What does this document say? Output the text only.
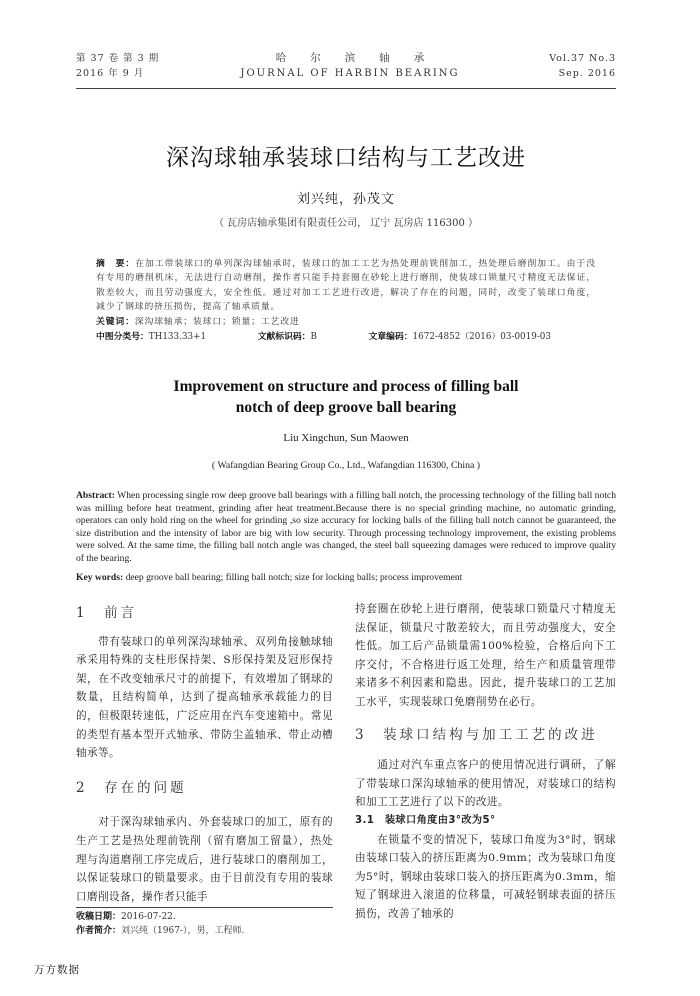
第 37 卷 第 3 期
2016 年 9 月
哈尔滨轴承
JOURNAL OF HARBIN BEARING
Vol.37 No.3
Sep. 2016
深沟球轴承装球口结构与工艺改进
刘兴纯，孙茂文
（ 瓦房店轴承集团有限责任公司， 辽宁 瓦房店 116300 ）
摘　要：在加工带装球口的单列深沟球轴承时，装球口的加工工艺为热处理前铣削加工，热处理后磨削加工。由于没有专用的磨削机床，无法进行自动磨削，操作者只能手持套圈在砂轮上进行磨削，使装球口锁量尺寸精度无法保证，散差较大，而且劳动强度大，安全性低。通过对加工工艺进行改进，解决了存在的问题，同时，改变了装球口角度，减少了钢球的挤压损伤，提高了轴承质量。
关键词：深沟球轴承；装球口；锁量；工艺改进
中图分类号：TH133.33+1	文献标识码：B	文章编码：1672-4852（2016）03-0019-03
Improvement on structure and process of filling ball
notch of deep groove ball bearing
Liu Xingchun, Sun Maowen
( Wafangdian Bearing Group Co., Ltd., Wafangdian 116300, China )
Abstract: When processing single row deep groove ball bearings with a filling ball notch, the processing technology of the filling ball notch was milling before heat treatment, grinding after heat treatment.Because there is no special grinding machine, no automatic grinding, operators can only hold ring on the wheel for grinding ,so size accuracy for locking balls of the filling ball notch cannot be guaranteed, the size distribution and the intensity of labor are big with low security. Through processing technology improvement, the existing problems were solved. At the same time, the filling ball notch angle was changed, the steel ball squeezing damages were reduced to improve quality of the bearing.
Key words: deep groove ball bearing; filling ball notch; size for locking balls; process improvement
1　前言
带有装球口的单列深沟球轴承、双列角接触球轴承采用特殊的支柱形保持架、S形保持架及冠形保持架，在不改变轴承尺寸的前提下，有效增加了钢球的数量，且结构简单，达到了提高轴承承载能力的目的，但极限转速低，广泛应用在汽车变速箱中。常见的类型有基本型开式轴承、带防尘盖轴承、带止动槽轴承等。
2　存在的问题
对于深沟球轴承内、外套装球口的加工，原有的生产工艺是热处理前铣削（留有磨加工留量），热处理与沟道磨削工序完成后，进行装球口的磨削加工，以保证装球口的锁量要求。由于目前没有专用的装球口磨削设备，操作者只能手
收稿日期：2016-07-22.
作者简介：刘兴纯（1967-），男，工程师.
持套圈在砂轮上进行磨削，使装球口锁量尺寸精度无法保证，锁量尺寸散差较大，而且劳动强度大，安全性低。加工后产品锁量需100%检验，合格后向下工序交付，不合格进行返工处理，给生产和质量管理带来诸多不利因素和隐患。因此，提升装球口的工艺加工水平，实现装球口免磨削势在必行。
3　装球口结构与加工工艺的改进
通过对汽车重点客户的使用情况进行调研，了解了带装球口深沟球轴承的使用情况，对装球口的结构和加工工艺进行了以下的改进。
3.1　装球口角度由3°改为5°
在锁量不变的情况下，装球口角度为3°时，钢球由装球口装入的挤压距离为0.9mm；改为装球口角度为5°时，钢球由装球口装入的挤压距离为0.3mm，缩短了钢球进入滚道的位移量，可减轻钢球表面的挤压损伤，改善了轴承的
万方数据
